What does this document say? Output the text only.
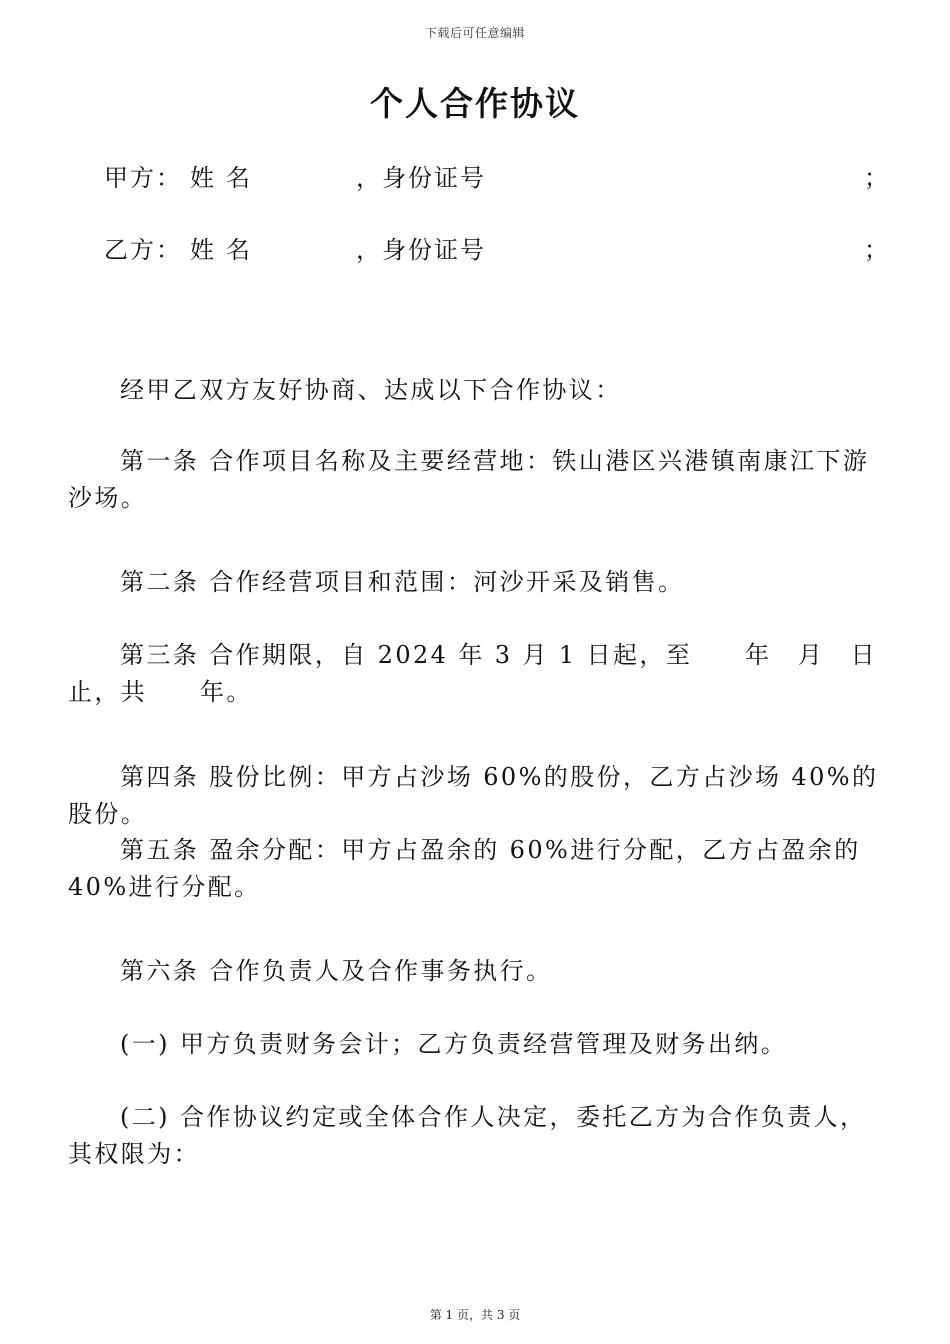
下载后可任意编辑
个人合作协议
甲方： 姓名	， 身份证号	；
乙方： 姓名	， 身份证号	；

经甲乙双方友好协商、达成以下合作协议：

第一条 合作项目名称及主要经营地：铁山港区兴港镇南康江下游沙场。

第二条 合作经营项目和范围：河沙开采及销售。

第三条 合作期限，自 2024 年 3 月 1 日起，至　　年　月　日止，共　　年。

第四条 股份比例：甲方占沙场 60%的股份，乙方占沙场 40%的股份。

第五条 盈余分配：甲方占盈余的 60%进行分配，乙方占盈余的 40%进行分配。

第六条 合作负责人及合作事务执行。

(一) 甲方负责财务会计；乙方负责经营管理及财务出纳。

(二) 合作协议约定或全体合作人决定，委托乙方为合作负责人，其权限为：

第 1 页，共 3 页
